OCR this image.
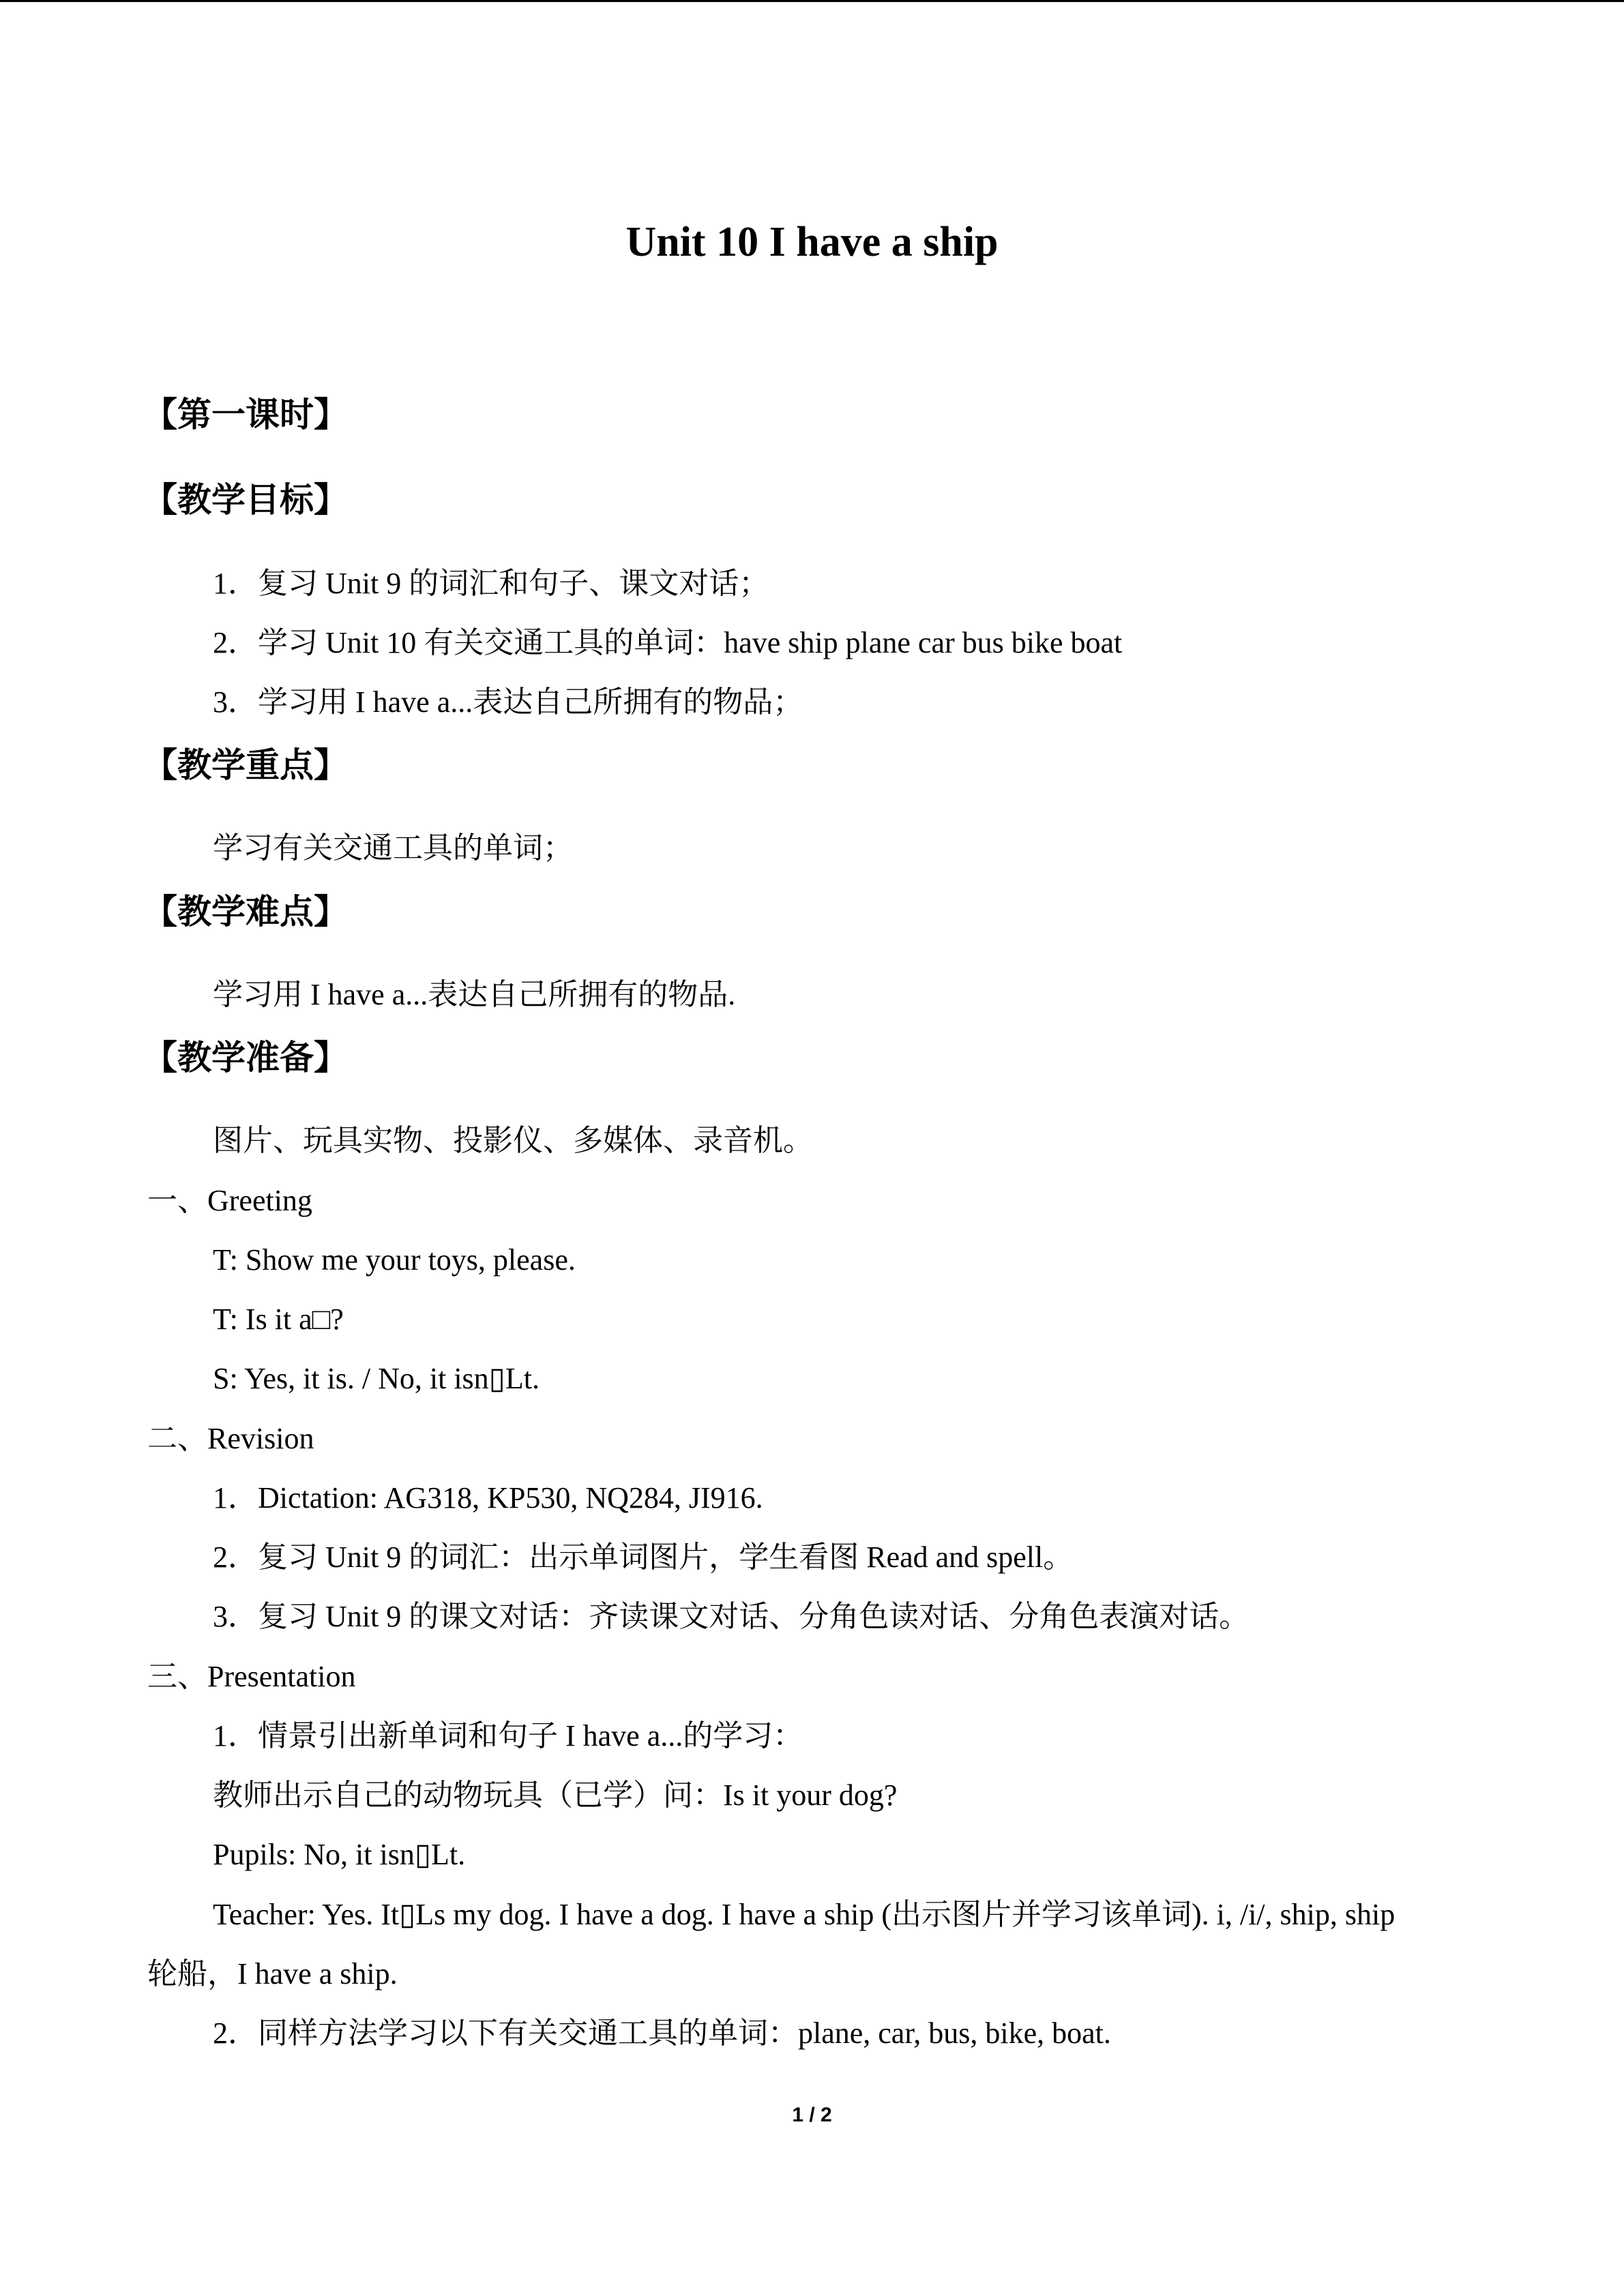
Unit 10 I have a ship
【第一课时】
【教学目标】
1．复习 Unit 9 的词汇和句子、课文对话；
2．学习 Unit 10 有关交通工具的单词：have ship plane car bus bike boat
3．学习用 I have a...表达自己所拥有的物品；
【教学重点】
学习有关交通工具的单词；
【教学难点】
学习用 I have a...表达自己所拥有的物品.
【教学准备】
图片、玩具实物、投影仪、多媒体、录音机。
一、Greeting
T: Show me your toys, please.
T: Is it a□?
S: Yes, it is. / No, it isn▯Lt.
二、Revision
1．Dictation: AG318, KP530, NQ284, JI916.
2．复习 Unit 9 的词汇：出示单词图片，学生看图 Read and spell。
3．复习 Unit 9 的课文对话：齐读课文对话、分角色读对话、分角色表演对话。
三、Presentation
1．情景引出新单词和句子 I have a...的学习：
教师出示自己的动物玩具（已学）问：Is it your dog?
Pupils: No, it isn▯Lt.
Teacher: Yes. It▯Ls my dog. I have a dog. I have a ship (出示图片并学习该单词). i, /i/, ship, ship
轮船，I have a ship.
2．同样方法学习以下有关交通工具的单词：plane, car, bus, bike, boat.
1 / 2
